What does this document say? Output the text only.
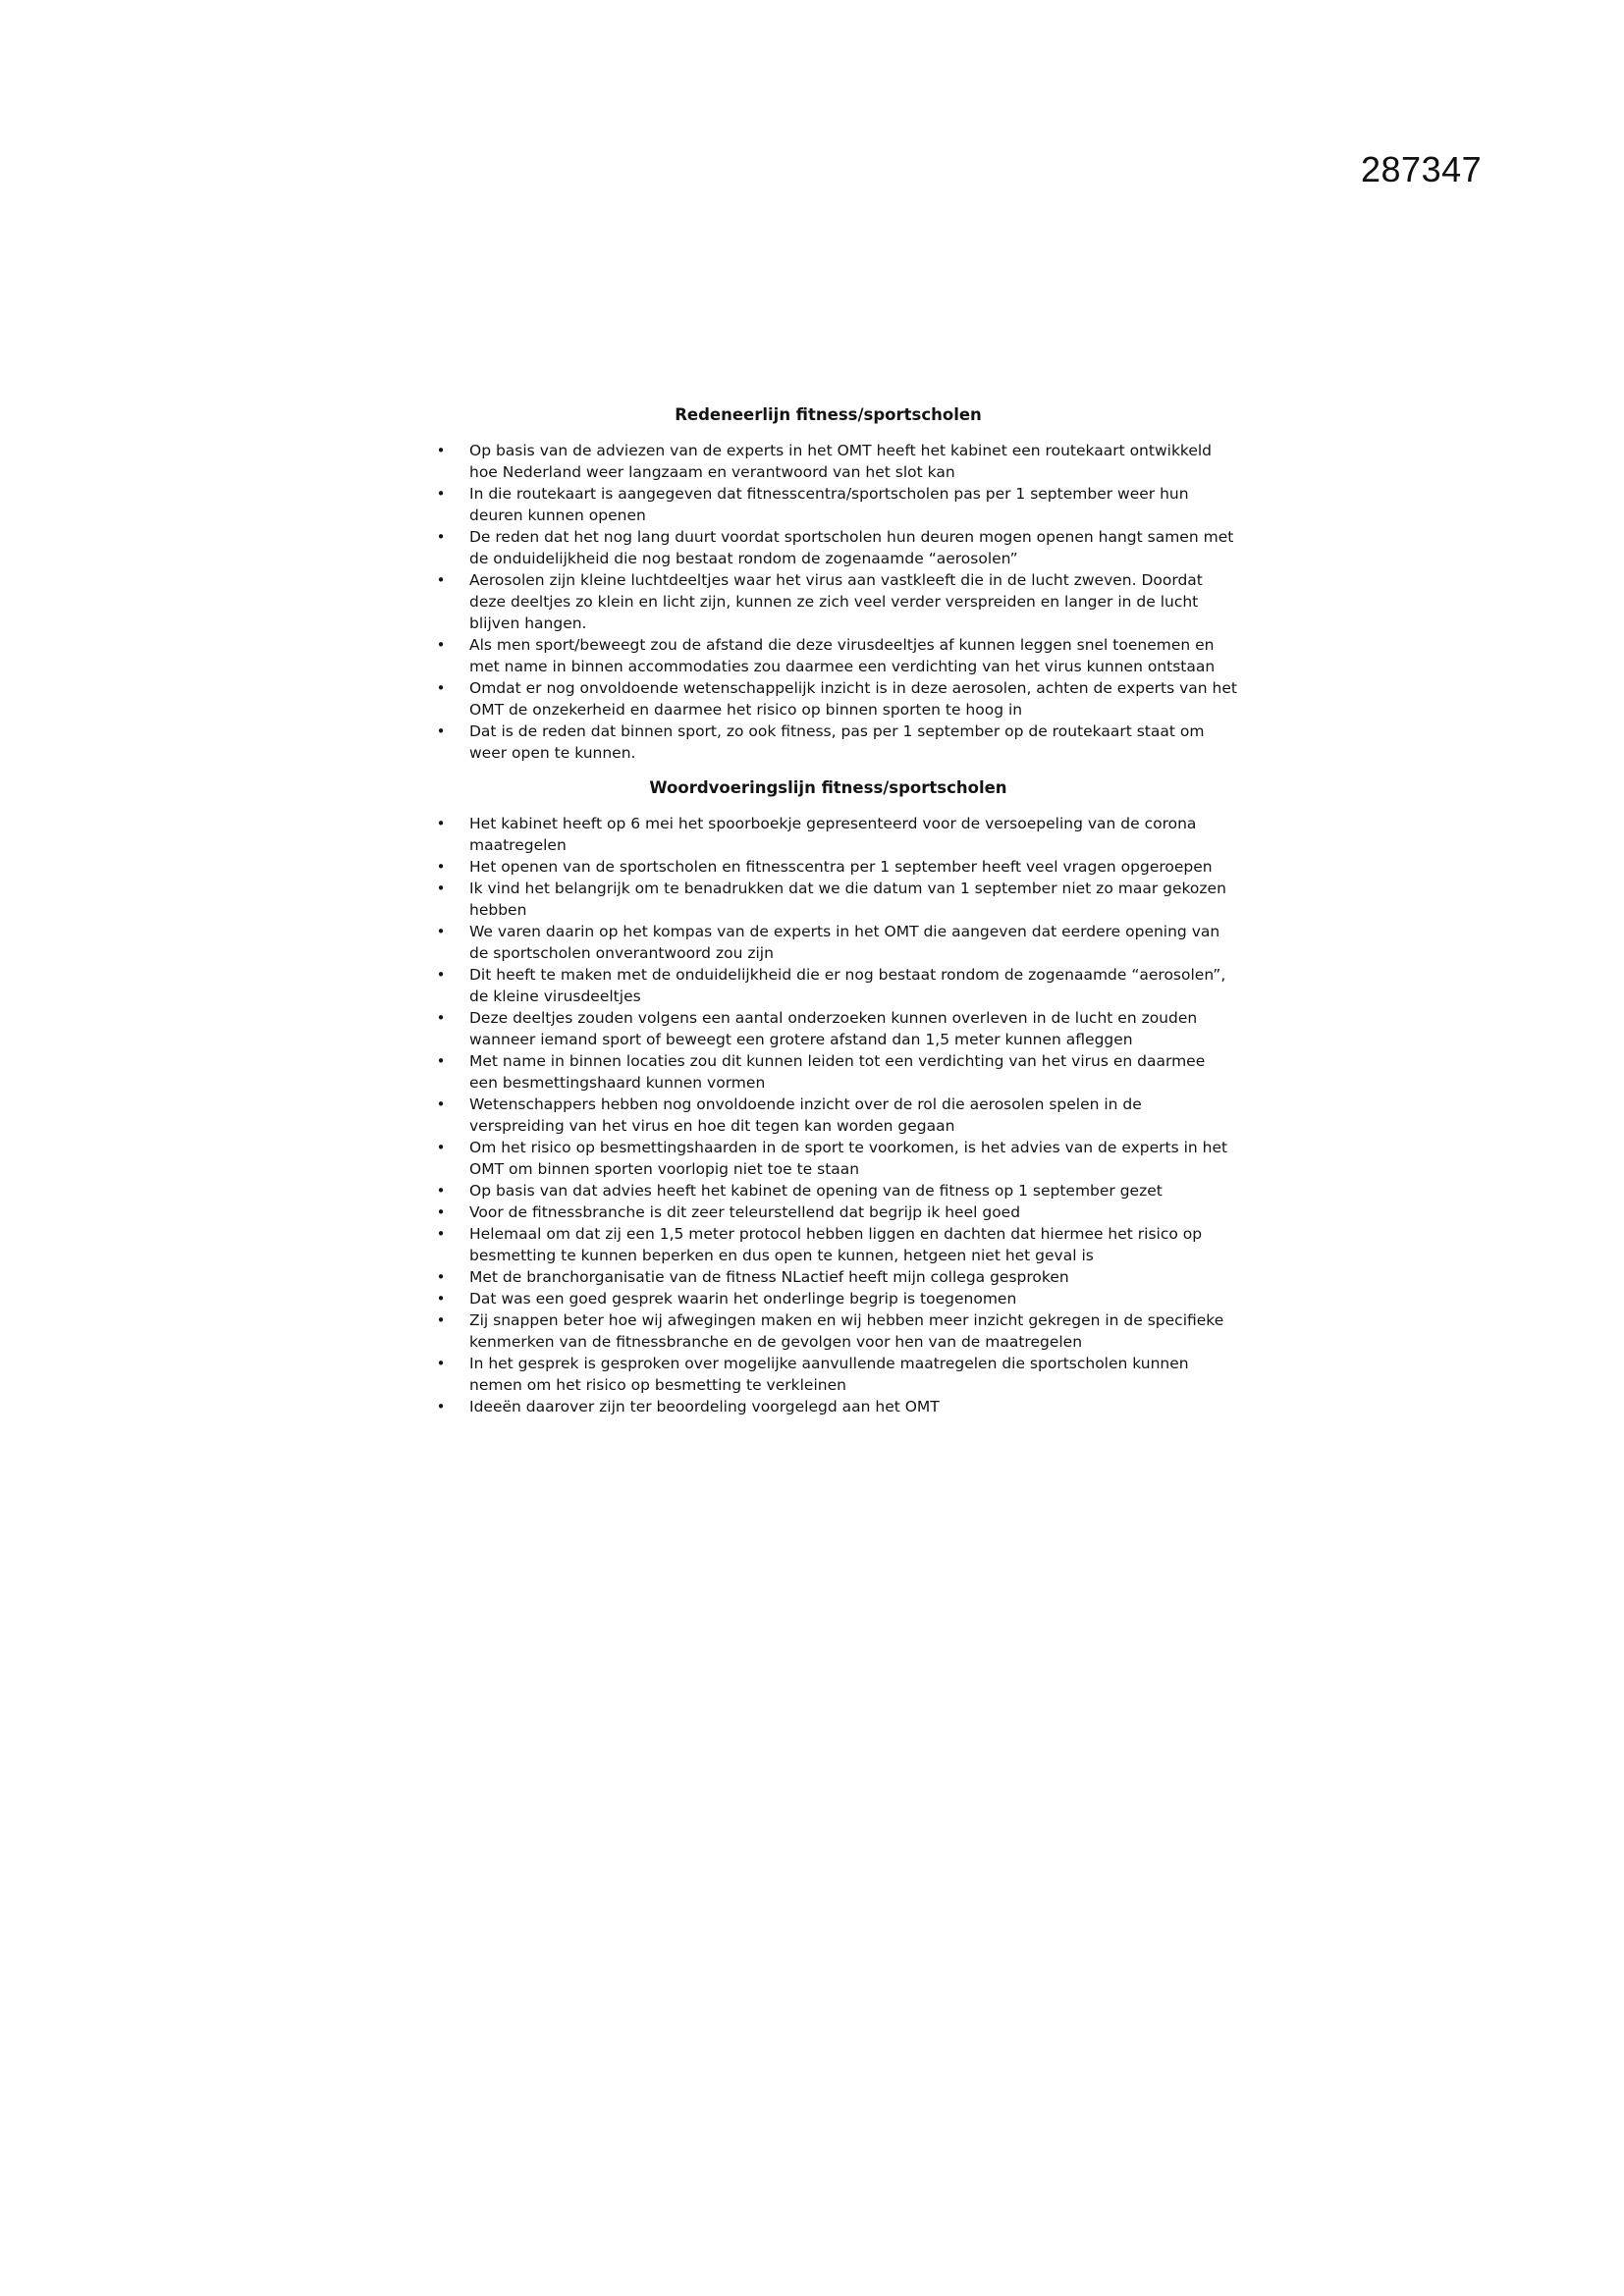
287347
Redeneerlijn fitness/sportscholen
• Op basis van de adviezen van de experts in het OMT heeft het kabinet een routekaart ontwikkeld hoe Nederland weer langzaam en verantwoord van het slot kan
• In die routekaart is aangegeven dat fitnesscentra/sportscholen pas per 1 september weer hun deuren kunnen openen
• De reden dat het nog lang duurt voordat sportscholen hun deuren mogen openen hangt samen met de onduidelijkheid die nog bestaat rondom de zogenaamde “aerosolen”
• Aerosolen zijn kleine luchtdeeltjes waar het virus aan vastkleeft die in de lucht zweven. Doordat deze deeltjes zo klein en licht zijn, kunnen ze zich veel verder verspreiden en langer in de lucht blijven hangen.
• Als men sport/beweegt zou de afstand die deze virusdeeltjes af kunnen leggen snel toenemen en met name in binnen accommodaties zou daarmee een verdichting van het virus kunnen ontstaan
• Omdat er nog onvoldoende wetenschappelijk inzicht is in deze aerosolen, achten de experts van het OMT de onzekerheid en daarmee het risico op binnen sporten te hoog in
• Dat is de reden dat binnen sport, zo ook fitness, pas per 1 september op de routekaart staat om weer open te kunnen.
Woordvoeringslijn fitness/sportscholen
• Het kabinet heeft op 6 mei het spoorboekje gepresenteerd voor de versoepeling van de corona maatregelen
• Het openen van de sportscholen en fitnesscentra per 1 september heeft veel vragen opgeroepen
• Ik vind het belangrijk om te benadrukken dat we die datum van 1 september niet zo maar gekozen hebben
• We varen daarin op het kompas van de experts in het OMT die aangeven dat eerdere opening van de sportscholen onverantwoord zou zijn
• Dit heeft te maken met de onduidelijkheid die er nog bestaat rondom de zogenaamde “aerosolen”, de kleine virusdeeltjes
• Deze deeltjes zouden volgens een aantal onderzoeken kunnen overleven in de lucht en zouden wanneer iemand sport of beweegt een grotere afstand dan 1,5 meter kunnen afleggen
• Met name in binnen locaties zou dit kunnen leiden tot een verdichting van het virus en daarmee een besmettingshaard kunnen vormen
• Wetenschappers hebben nog onvoldoende inzicht over de rol die aerosolen spelen in de verspreiding van het virus en hoe dit tegen kan worden gegaan
• Om het risico op besmettingshaarden in de sport te voorkomen, is het advies van de experts in het OMT om binnen sporten voorlopig niet toe te staan
• Op basis van dat advies heeft het kabinet de opening van de fitness op 1 september gezet
• Voor de fitnessbranche is dit zeer teleurstellend dat begrijp ik heel goed
• Helemaal om dat zij een 1,5 meter protocol hebben liggen en dachten dat hiermee het risico op besmetting te kunnen beperken en dus open te kunnen, hetgeen niet het geval is
• Met de branchorganisatie van de fitness NLactief heeft mijn collega gesproken
• Dat was een goed gesprek waarin het onderlinge begrip is toegenomen
• Zij snappen beter hoe wij afwegingen maken en wij hebben meer inzicht gekregen in de specifieke kenmerken van de fitnessbranche en de gevolgen voor hen van de maatregelen
• In het gesprek is gesproken over mogelijke aanvullende maatregelen die sportscholen kunnen nemen om het risico op besmetting te verkleinen
• Ideeën daarover zijn ter beoordeling voorgelegd aan het OMT
